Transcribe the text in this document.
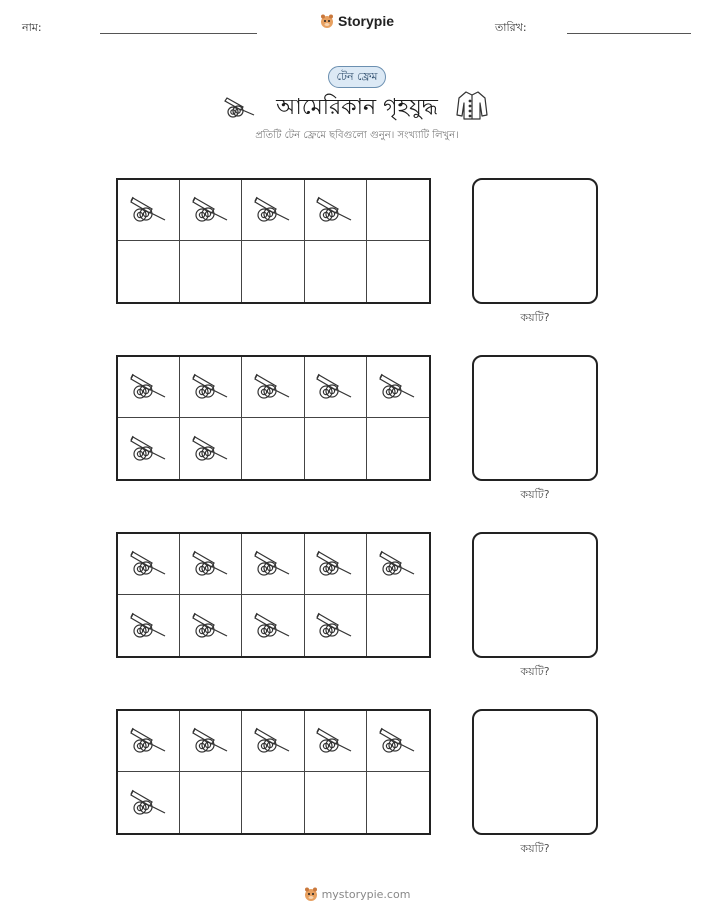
নাম:	Storypie	তারিখ:
টেন ফ্রেম
আমেরিকান গৃহযুদ্ধ
প্রতিটি টেন ফ্রেমে ছবিগুলো গুনুন। সংখ্যাটি লিখুন।
কয়টি?
কয়টি?
কয়টি?
কয়টি?
mystorypie.com
